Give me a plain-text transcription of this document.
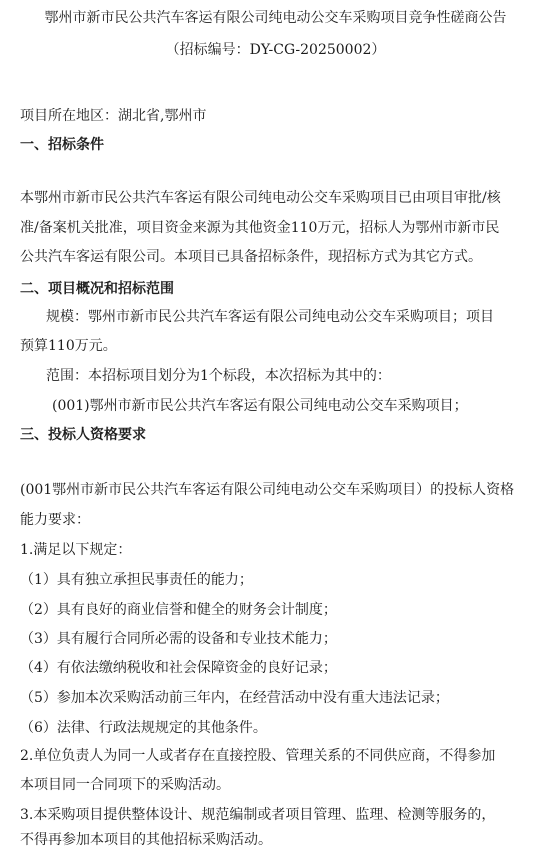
鄂州市新市民公共汽车客运有限公司纯电动公交车采购项目竞争性磋商公告
（招标编号：DY-CG-20250002）
项目所在地区：湖北省,鄂州市
一、招标条件
本鄂州市新市民公共汽车客运有限公司纯电动公交车采购项目已由项目审批/核
准/备案机关批准，项目资金来源为其他资金110万元，招标人为鄂州市新市民
公共汽车客运有限公司。本项目已具备招标条件，现招标方式为其它方式。
二、项目概况和招标范围
规模：鄂州市新市民公共汽车客运有限公司纯电动公交车采购项目；项目
预算110万元。
范围：本招标项目划分为1个标段，本次招标为其中的：
(001)鄂州市新市民公共汽车客运有限公司纯电动公交车采购项目；
三、投标人资格要求
(001鄂州市新市民公共汽车客运有限公司纯电动公交车采购项目）的投标人资格
能力要求：
1.满足以下规定：
（1）具有独立承担民事责任的能力；
（2）具有良好的商业信誉和健全的财务会计制度；
（3）具有履行合同所必需的设备和专业技术能力；
（4）有依法缴纳税收和社会保障资金的良好记录；
（5）参加本次采购活动前三年内，在经营活动中没有重大违法记录；
（6）法律、行政法规规定的其他条件。
2.单位负责人为同一人或者存在直接控股、管理关系的不同供应商，不得参加
本项目同一合同项下的采购活动。
3.本采购项目提供整体设计、规范编制或者项目管理、监理、检测等服务的，
不得再参加本项目的其他招标采购活动。
